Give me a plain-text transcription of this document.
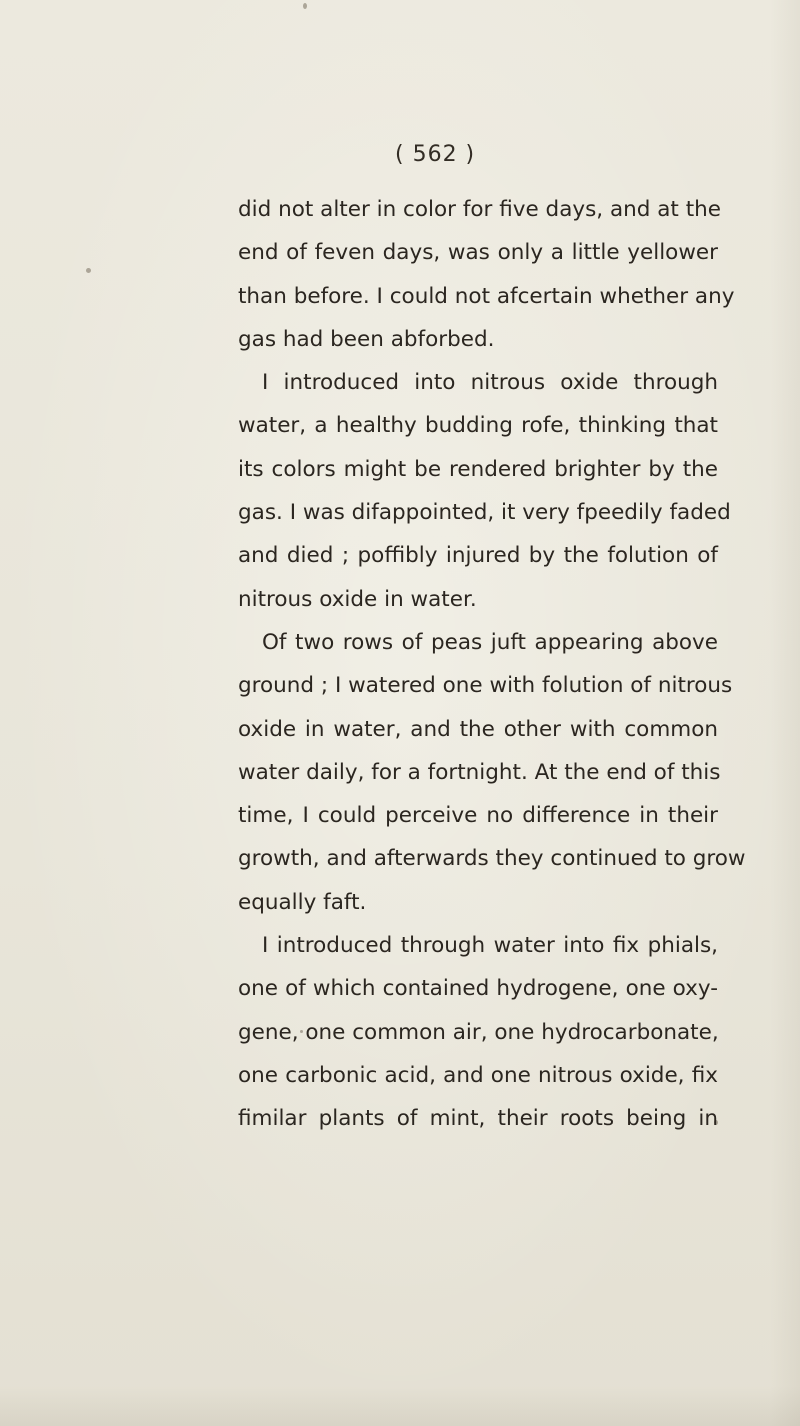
( 562 )
did not alter in color for five days, and at the
end of feven days, was only a little yellower
than before. I could not afcertain whether any
gas had been abforbed.
I introduced into nitrous oxide through
water, a healthy budding rofe, thinking that
its colors might be rendered brighter by the
gas. I was difappointed, it very fpeedily faded
and died ; poffibly injured by the folution of
nitrous oxide in water.
Of two rows of peas juft appearing above
ground ; I watered one with folution of nitrous
oxide in water, and the other with common
water daily, for a fortnight. At the end of this
time, I could perceive no difference in their
growth, and afterwards they continued to grow
equally faft.
I introduced through water into fix phials,
one of which contained hydrogene, one oxy-
gene, one common air, one hydrocarbonate,
one carbonic acid, and one nitrous oxide, fix
fimilar plants of mint, their roots being in
